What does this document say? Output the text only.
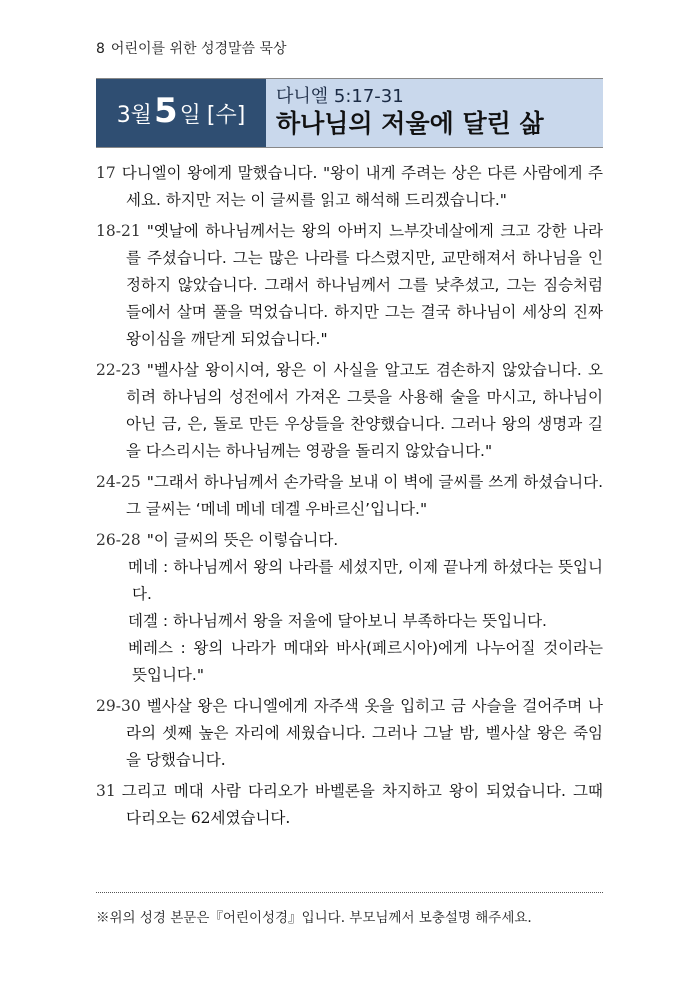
8 어린이를 위한 성경말씀 묵상
3월 5 일 [수]
다니엘 5:17-31
하나님의 저울에 달린 삶

17 다니엘이 왕에게 말했습니다. "왕이 내게 주려는 상은 다른 사람에게 주세요. 하지만 저는 이 글씨를 읽고 해석해 드리겠습니다."

18-21 "옛날에 하나님께서는 왕의 아버지 느부갓네살에게 크고 강한 나라를 주셨습니다. 그는 많은 나라를 다스렸지만, 교만해져서 하나님을 인정하지 않았습니다. 그래서 하나님께서 그를 낮추셨고, 그는 짐승처럼 들에서 살며 풀을 먹었습니다. 하지만 그는 결국 하나님이 세상의 진짜 왕이심을 깨닫게 되었습니다."

22-23 "벨사살 왕이시여, 왕은 이 사실을 알고도 겸손하지 않았습니다. 오히려 하나님의 성전에서 가져온 그릇을 사용해 술을 마시고, 하나님이 아닌 금, 은, 돌로 만든 우상들을 찬양했습니다. 그러나 왕의 생명과 길을 다스리시는 하나님께는 영광을 돌리지 않았습니다."

24-25 "그래서 하나님께서 손가락을 보내 이 벽에 글씨를 쓰게 하셨습니다. 그 글씨는 ‘메네 메네 데겔 우바르신’입니다."

26-28 "이 글씨의 뜻은 이렇습니다.

메네 : 하나님께서 왕의 나라를 세셨지만, 이제 끝나게 하셨다는 뜻입니다.

데겔 : 하나님께서 왕을 저울에 달아보니 부족하다는 뜻입니다.

베레스 : 왕의 나라가 메대와 바사(페르시아)에게 나누어질 것이라는 뜻입니다."

29-30 벨사살 왕은 다니엘에게 자주색 옷을 입히고 금 사슬을 걸어주며 나라의 셋째 높은 자리에 세웠습니다. 그러나 그날 밤, 벨사살 왕은 죽임을 당했습니다.

31 그리고 메대 사람 다리오가 바벨론을 차지하고 왕이 되었습니다. 그때 다리오는 62세였습니다.

※위의 성경 본문은『어린이성경』입니다. 부모님께서 보충설명 해주세요.
